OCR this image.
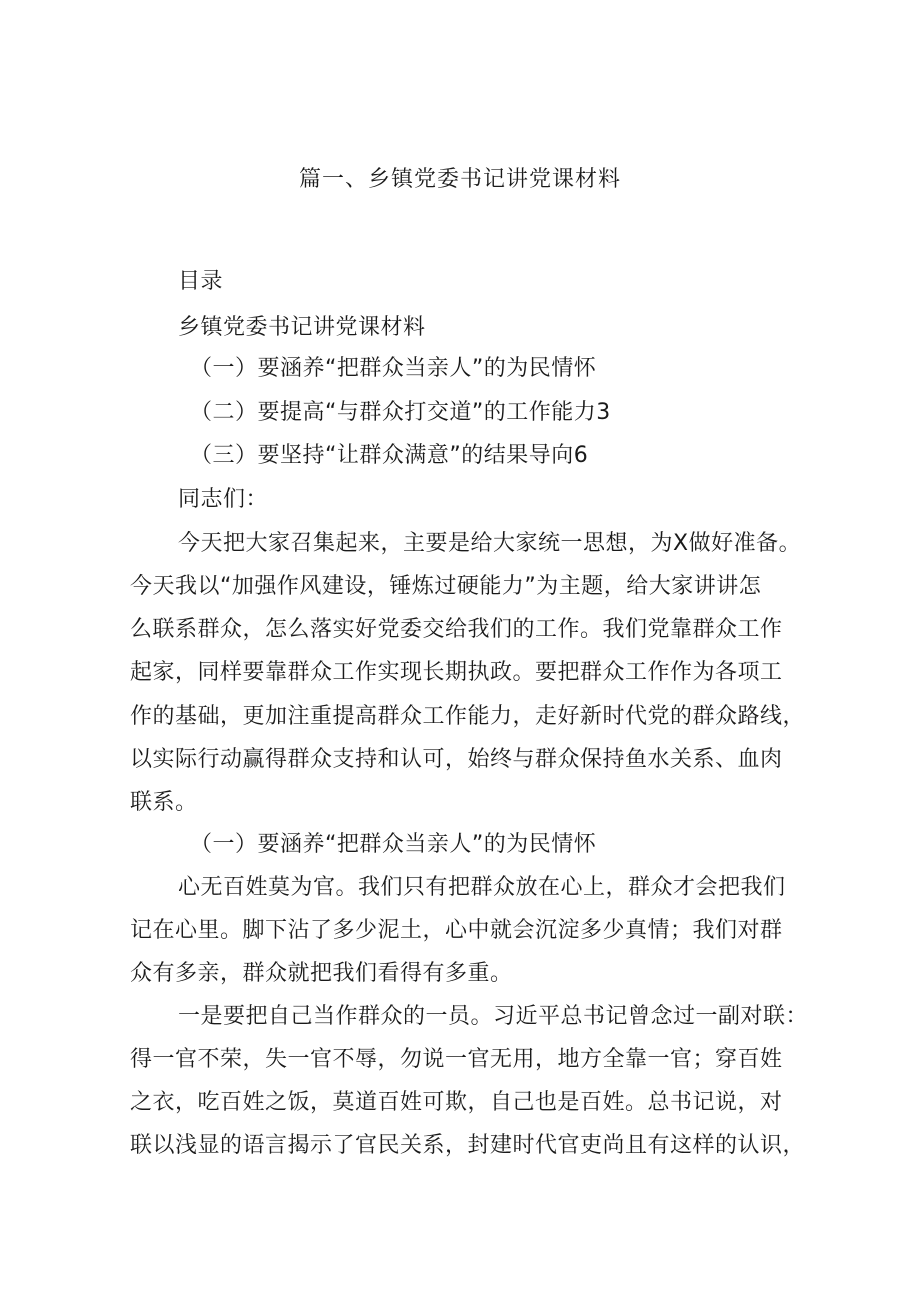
篇一、乡镇党委书记讲党课材料
目录
乡镇党委书记讲党课材料
（一）要涵养“把群众当亲人”的为民情怀
（二）要提高“与群众打交道”的工作能力3
（三）要坚持“让群众满意”的结果导向6
同志们：
今天把大家召集起来，主要是给大家统一思想，为X做好准备。
今天我以“加强作风建设，锤炼过硬能力”为主题，给大家讲讲怎
么联系群众，怎么落实好党委交给我们的工作。我们党靠群众工作
起家，同样要靠群众工作实现长期执政。要把群众工作作为各项工
作的基础，更加注重提高群众工作能力，走好新时代党的群众路线，
以实际行动赢得群众支持和认可，始终与群众保持鱼水关系、血肉
联系。
（一）要涵养“把群众当亲人”的为民情怀
心无百姓莫为官。我们只有把群众放在心上，群众才会把我们
记在心里。脚下沾了多少泥土，心中就会沉淀多少真情；我们对群
众有多亲，群众就把我们看得有多重。
一是要把自己当作群众的一员。习近平总书记曾念过一副对联：
得一官不荣，失一官不辱，勿说一官无用，地方全靠一官；穿百姓
之衣，吃百姓之饭，莫道百姓可欺，自己也是百姓。总书记说，对
联以浅显的语言揭示了官民关系，封建时代官吏尚且有这样的认识，
